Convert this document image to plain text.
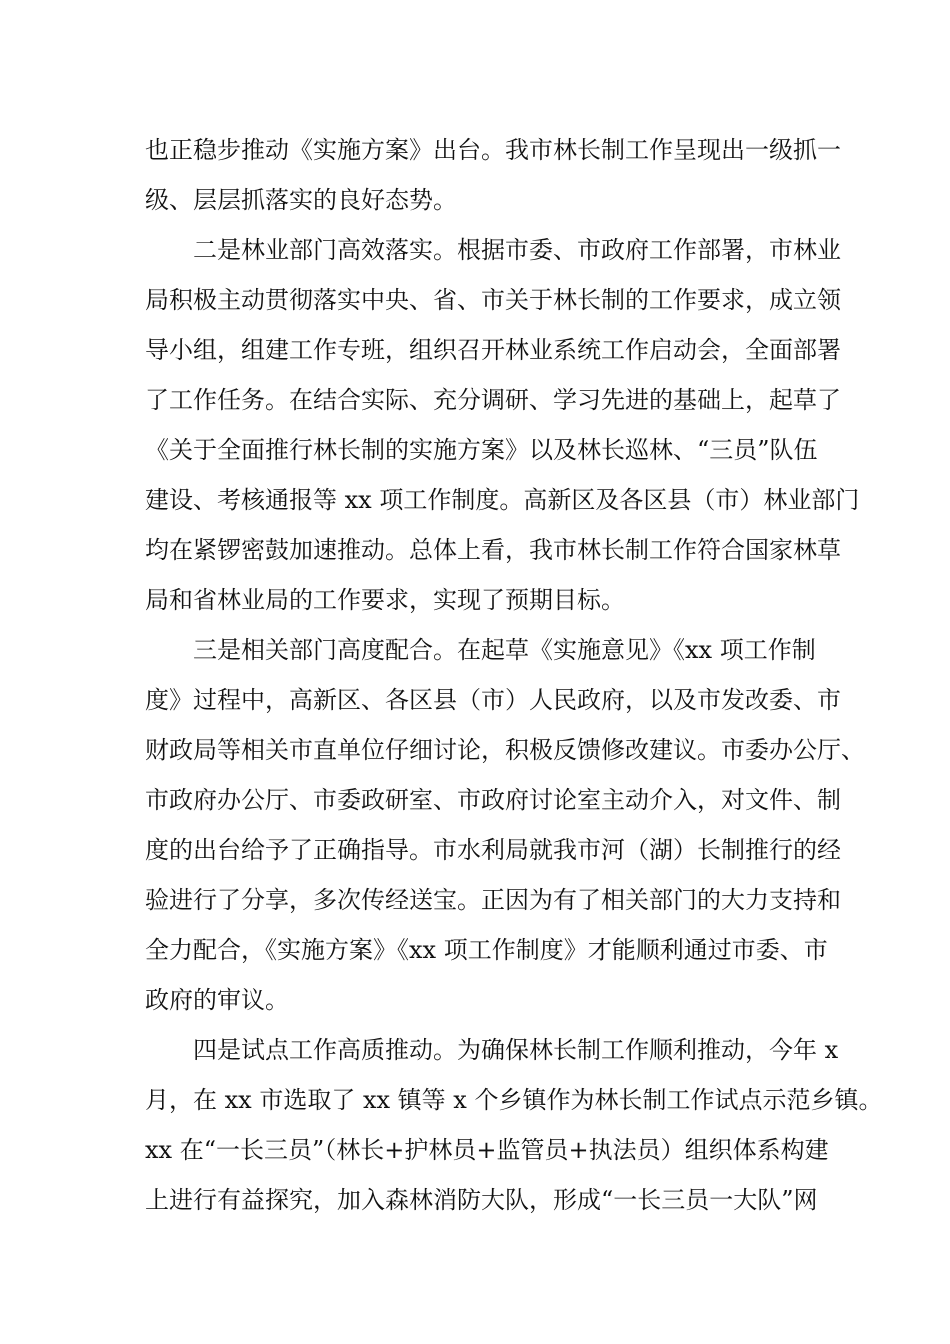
也正稳步推动《实施方案》出台。我市林长制工作呈现出一级抓一
级、层层抓落实的良好态势。
二是林业部门高效落实。根据市委、市政府工作部署，市林业
局积极主动贯彻落实中央、省、市关于林长制的工作要求，成立领
导小组，组建工作专班，组织召开林业系统工作启动会，全面部署
了工作任务。在结合实际、充分调研、学习先进的基础上，起草了
《关于全面推行林长制的实施方案》以及林长巡林、“三员”队伍
建设、考核通报等 xx 项工作制度。高新区及各区县（市）林业部门
均在紧锣密鼓加速推动。总体上看，我市林长制工作符合国家林草
局和省林业局的工作要求，实现了预期目标。
三是相关部门高度配合。在起草《实施意见》《xx 项工作制
度》过程中，高新区、各区县（市）人民政府，以及市发改委、市
财政局等相关市直单位仔细讨论，积极反馈修改建议。市委办公厅、
市政府办公厅、市委政研室、市政府讨论室主动介入，对文件、制
度的出台给予了正确指导。市水利局就我市河（湖）长制推行的经
验进行了分享，多次传经送宝。正因为有了相关部门的大力支持和
全力配合，《实施方案》《xx 项工作制度》才能顺利通过市委、市
政府的审议。
四是试点工作高质推动。为确保林长制工作顺利推动，今年 x
月，在 xx 市选取了 xx 镇等 x 个乡镇作为林长制工作试点示范乡镇。
xx 在“一长三员”（林长+护林员+监管员+执法员）组织体系构建
上进行有益探究，加入森林消防大队，形成“一长三员一大队”网
